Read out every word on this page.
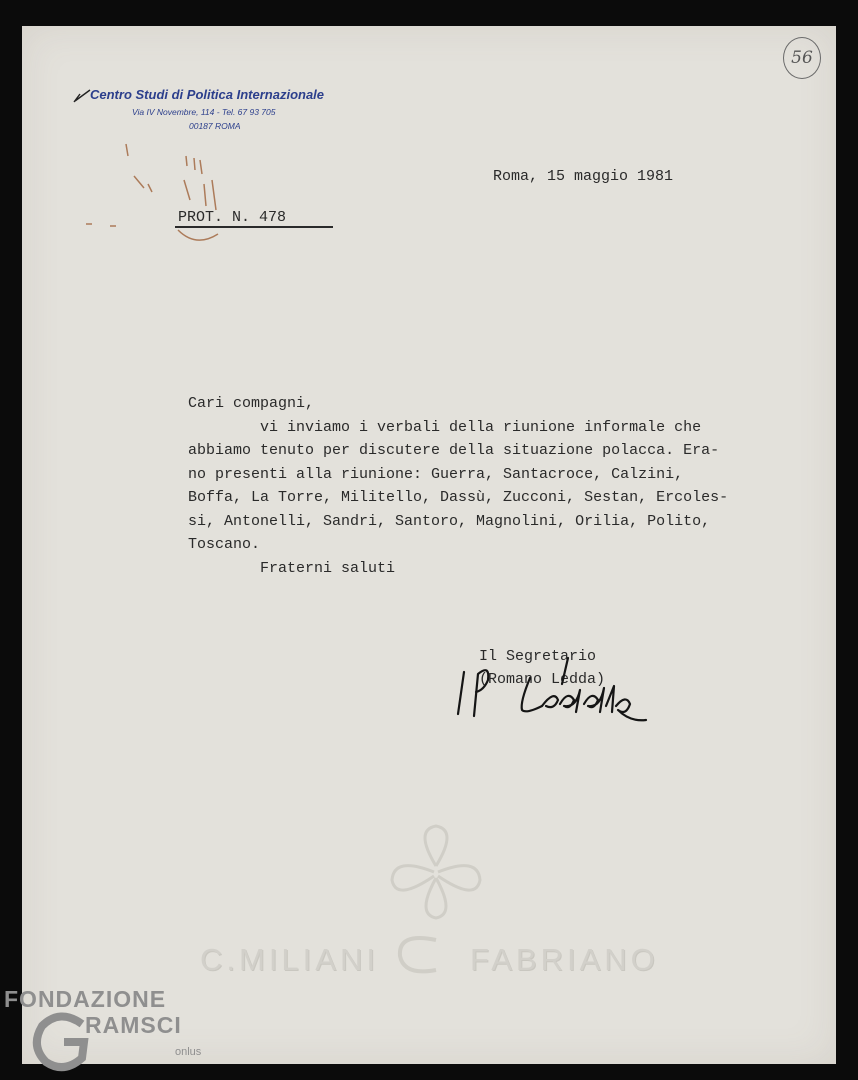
56
Centro Studi di Politica Internazionale
Via IV Novembre, 114 - Tel. 67 93 705
00187 ROMA
Roma, 15 maggio 1981
PROT. N. 478
Cari compagni,
vi inviamo i verbali della riunione informale che
abbiamo tenuto per discutere della situazione polacca. Era-
no presenti alla riunione: Guerra, Santacroce, Calzini,
Boffa, La Torre, Militello, Dassù, Zucconi, Sestan, Ercoles-
si, Antonelli, Sandri, Santoro, Magnolini, Orilia, Polito,
Toscano.
Fraterni saluti
Il Segretario
(Romano Ledda)
C.MILIANI	FABRIANO
FONDAZIONE
RAMSCI
onlus
